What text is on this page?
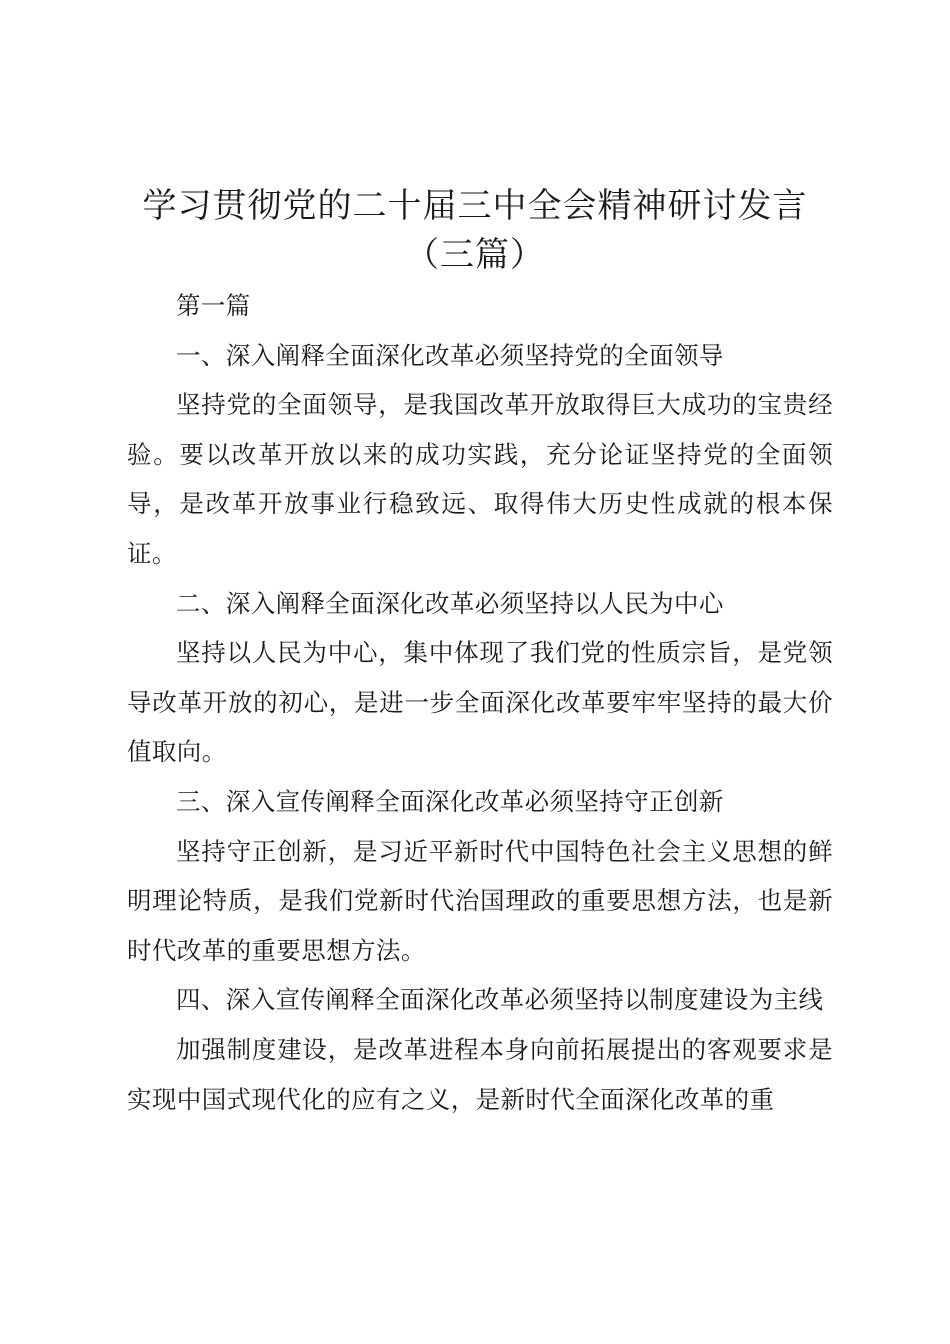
学习贯彻党的二十届三中全会精神研讨发言
（三篇）

第一篇

一、深入阐释全面深化改革必须坚持党的全面领导

坚持党的全面领导，是我国改革开放取得巨大成功的宝贵经验。要以改革开放以来的成功实践，充分论证坚持党的全面领导，是改革开放事业行稳致远、取得伟大历史性成就的根本保证。

二、深入阐释全面深化改革必须坚持以人民为中心

坚持以人民为中心，集中体现了我们党的性质宗旨，是党领导改革开放的初心，是进一步全面深化改革要牢牢坚持的最大价值取向。

三、深入宣传阐释全面深化改革必须坚持守正创新

坚持守正创新，是习近平新时代中国特色社会主义思想的鲜明理论特质，是我们党新时代治国理政的重要思想方法，也是新时代改革的重要思想方法。

四、深入宣传阐释全面深化改革必须坚持以制度建设为主线

加强制度建设，是改革进程本身向前拓展提出的客观要求是实现中国式现代化的应有之义，是新时代全面深化改革的重
